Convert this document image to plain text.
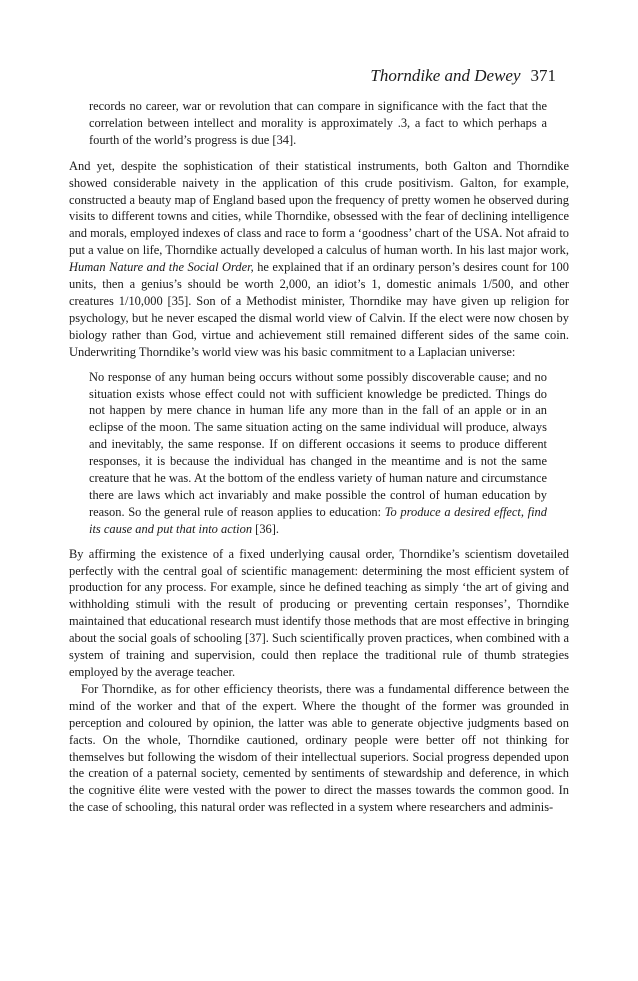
Thorndike and Dewey 371

records no career, war or revolution that can compare in significance with the fact that the correlation between intellect and morality is approximately .3, a fact to which perhaps a fourth of the world’s progress is due [34].

And yet, despite the sophistication of their statistical instruments, both Galton and Thorndike showed considerable naivety in the application of this crude positivism. Galton, for example, constructed a beauty map of England based upon the frequency of pretty women he observed during visits to different towns and cities, while Thorndike, obsessed with the fear of declining intelligence and morals, employed indexes of class and race to form a ‘goodness’ chart of the USA. Not afraid to put a value on life, Thorndike actually developed a calculus of human worth. In his last major work, Human Nature and the Social Order, he explained that if an ordinary person’s desires count for 100 units, then a genius’s should be worth 2,000, an idiot’s 1, domestic animals 1/500, and other creatures 1/10,000 [35]. Son of a Methodist minister, Thorndike may have given up religion for psychology, but he never escaped the dismal world view of Calvin. If the elect were now chosen by biology rather than God, virtue and achievement still remained different sides of the same coin. Underwriting Thorndike’s world view was his basic commitment to a Laplacian universe:

No response of any human being occurs without some possibly discoverable cause; and no situation exists whose effect could not with sufficient knowledge be predicted. Things do not happen by mere chance in human life any more than in the fall of an apple or in an eclipse of the moon. The same situation acting on the same individual will produce, always and inevitably, the same response. If on different occasions it seems to produce different responses, it is because the individual has changed in the meantime and is not the same creature that he was. At the bottom of the endless variety of human nature and circumstance there are laws which act invariably and make possible the control of human education by reason. So the general rule of reason applies to education: To produce a desired effect, find its cause and put that into action [36].

By affirming the existence of a fixed underlying causal order, Thorndike’s scientism dovetailed perfectly with the central goal of scientific management: determining the most efficient system of production for any process. For example, since he defined teaching as simply ‘the art of giving and withholding stimuli with the result of producing or preventing certain responses’, Thorndike maintained that educational research must identify those methods that are most effective in bringing about the social goals of schooling [37]. Such scientifically proven practices, when combined with a system of training and supervision, could then replace the traditional rule of thumb strategies employed by the average teacher.

For Thorndike, as for other efficiency theorists, there was a fundamental difference between the mind of the worker and that of the expert. Where the thought of the former was grounded in perception and coloured by opinion, the latter was able to generate objective judgments based on facts. On the whole, Thorndike cautioned, ordinary people were better off not thinking for themselves but following the wisdom of their intellectual superiors. Social progress depended upon the creation of a paternal society, cemented by sentiments of stewardship and deference, in which the cognitive élite were vested with the power to direct the masses towards the common good. In the case of schooling, this natural order was reflected in a system where researchers and adminis-
